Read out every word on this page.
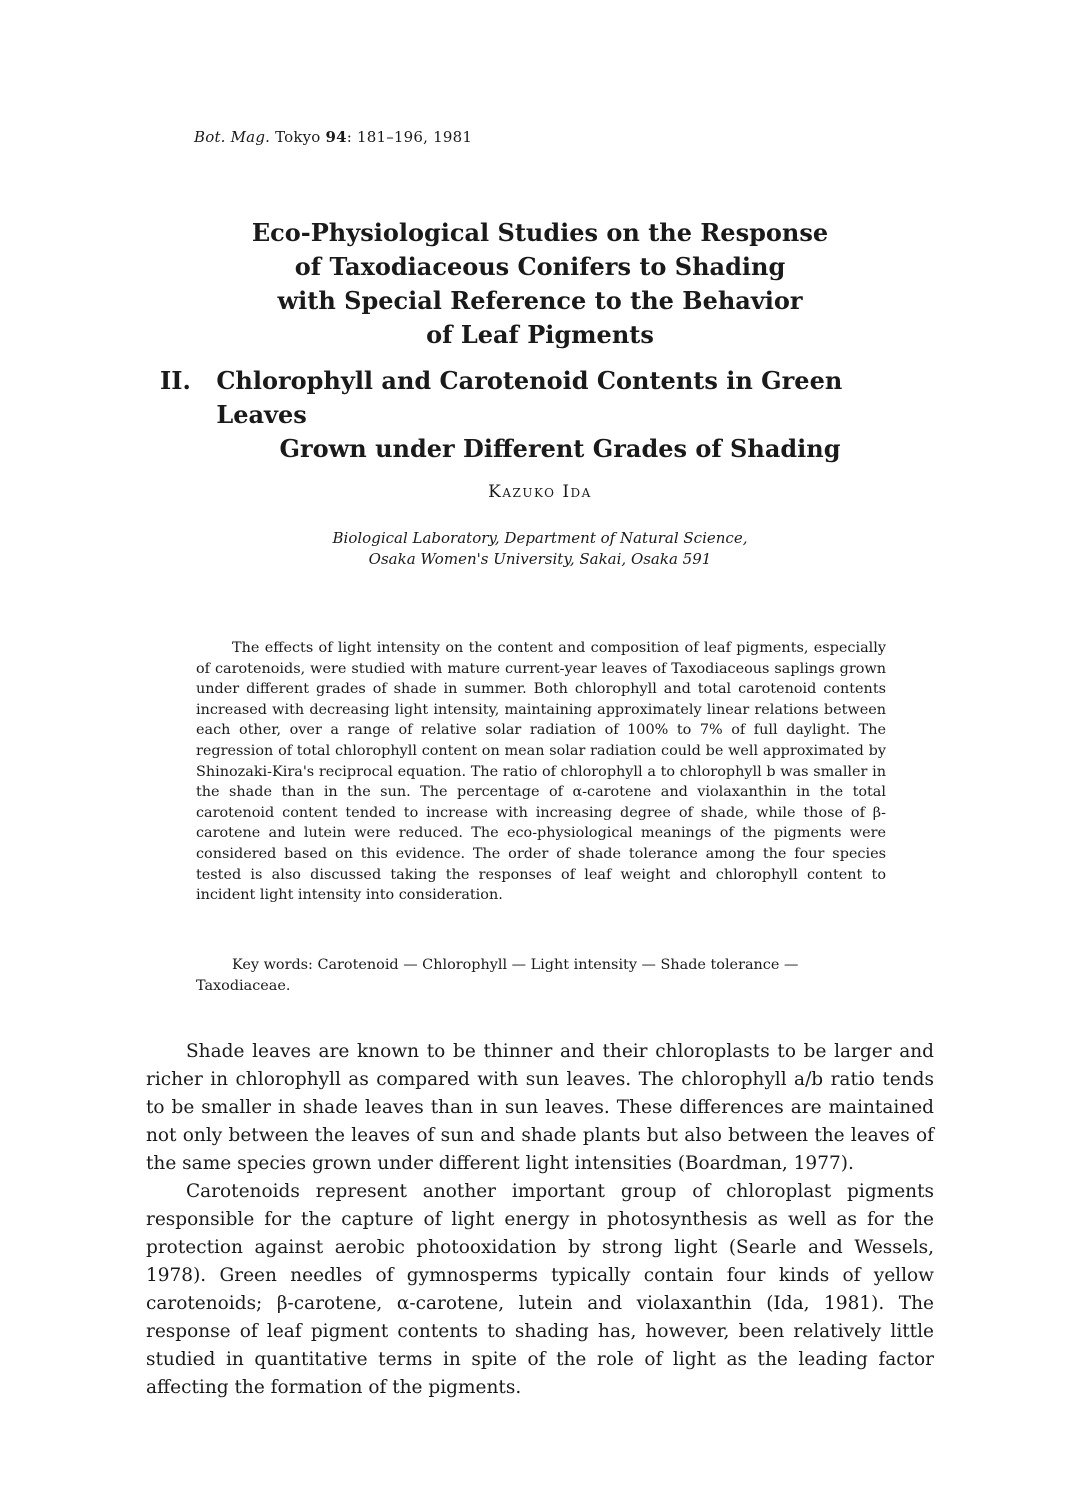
Bot. Mag. Tokyo 94: 181–196, 1981
Eco-Physiological Studies on the Response
of Taxodiaceous Conifers to Shading
with Special Reference to the Behavior
of Leaf Pigments
II.	Chlorophyll and Carotenoid Contents in Green Leaves
Grown under Different Grades of Shading
Kazuko Ida
Biological Laboratory, Department of Natural Science,
Osaka Women's University, Sakai, Osaka 591
The effects of light intensity on the content and composition of leaf pigments, especially of carotenoids, were studied with mature current-year leaves of Taxodiaceous saplings grown under different grades of shade in summer. Both chlorophyll and total carotenoid contents increased with decreasing light intensity, maintaining approximately linear relations between each other, over a range of relative solar radiation of 100% to 7% of full daylight. The regression of total chlorophyll content on mean solar radiation could be well approximated by Shinozaki-Kira's reciprocal equation. The ratio of chlorophyll a to chlorophyll b was smaller in the shade than in the sun. The percentage of α-carotene and violaxanthin in the total carotenoid content tended to increase with increasing degree of shade, while those of β-carotene and lutein were reduced. The eco-physiological meanings of the pigments were considered based on this evidence. The order of shade tolerance among the four species tested is also discussed taking the responses of leaf weight and chlorophyll content to incident light intensity into consideration.
Key words: Carotenoid — Chlorophyll — Light intensity — Shade tolerance — Taxodiaceae.

Shade leaves are known to be thinner and their chloroplasts to be larger and richer in chlorophyll as compared with sun leaves. The chlorophyll a/b ratio tends to be smaller in shade leaves than in sun leaves. These differences are maintained not only between the leaves of sun and shade plants but also between the leaves of the same species grown under different light intensities (Boardman, 1977).

Carotenoids represent another important group of chloroplast pigments responsible for the capture of light energy in photosynthesis as well as for the protection against aerobic photooxidation by strong light (Searle and Wessels, 1978). Green needles of gymnosperms typically contain four kinds of yellow carotenoids; β-carotene, α-carotene, lutein and violaxanthin (Ida, 1981). The response of leaf pigment contents to shading has, however, been relatively little studied in quantitative terms in spite of the role of light as the leading factor affecting the formation of the pigments.
